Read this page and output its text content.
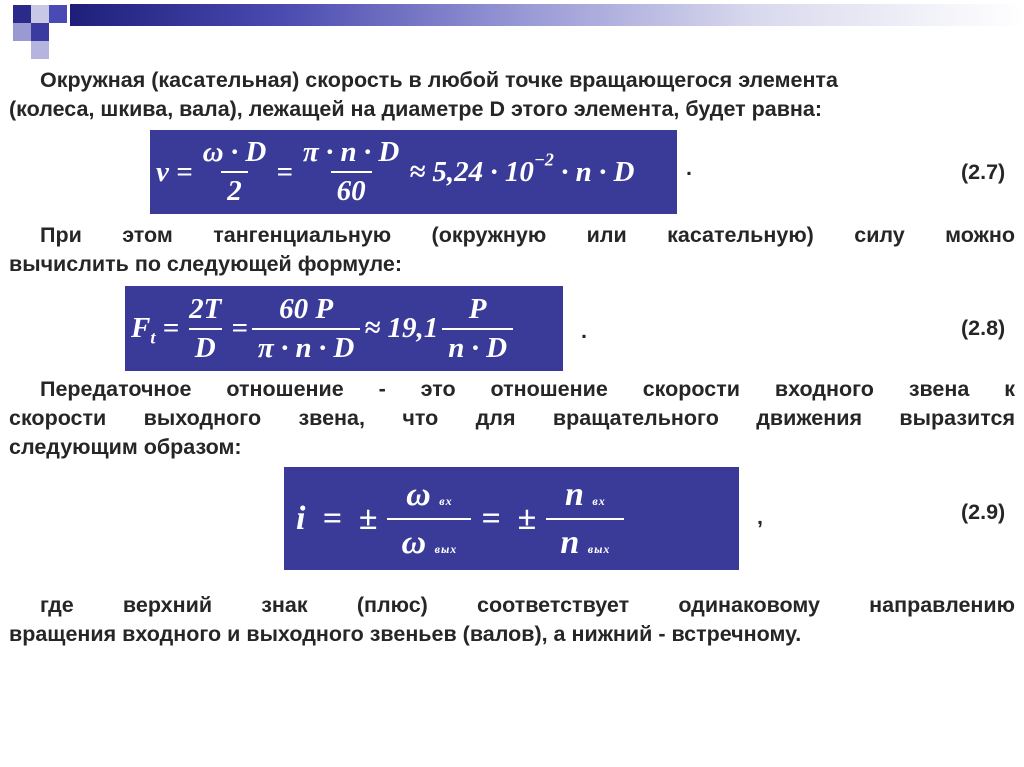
Окружная (касательная) скорость в любой точке вращающегося элемента
(колеса, шкива, вала), лежащей на диаметре D этого элемента, будет равна:
$v = \frac{\omega \cdot D}{2} = \frac{\pi \cdot n \cdot D}{60} \approx 5,24 \cdot 10^{-2} \cdot n \cdot D$ .	(2.7)
При этом тангенциальную (окружную или касательную) силу можно
вычислить по следующей формуле:
$F_t = \frac{2T}{D} = \frac{60 P}{\pi \cdot n \cdot D} \approx 19,1 \frac{P}{n \cdot D}$	.	(2.8)
Передаточное отношение - это отношение скорости входного звена к
скорости выходного звена, что для вращательного движения выразится
следующим образом:
i  =  ± $\frac{\text{ω вх}}{\text{ω вых}}$ =  ± $\frac{\text{n вх}}{\text{n вых}}$	,	(2.9)
где верхний знак (плюс) соответствует одинаковому направлению
вращения входного и выходного звеньев (валов), а нижний - встречному.
